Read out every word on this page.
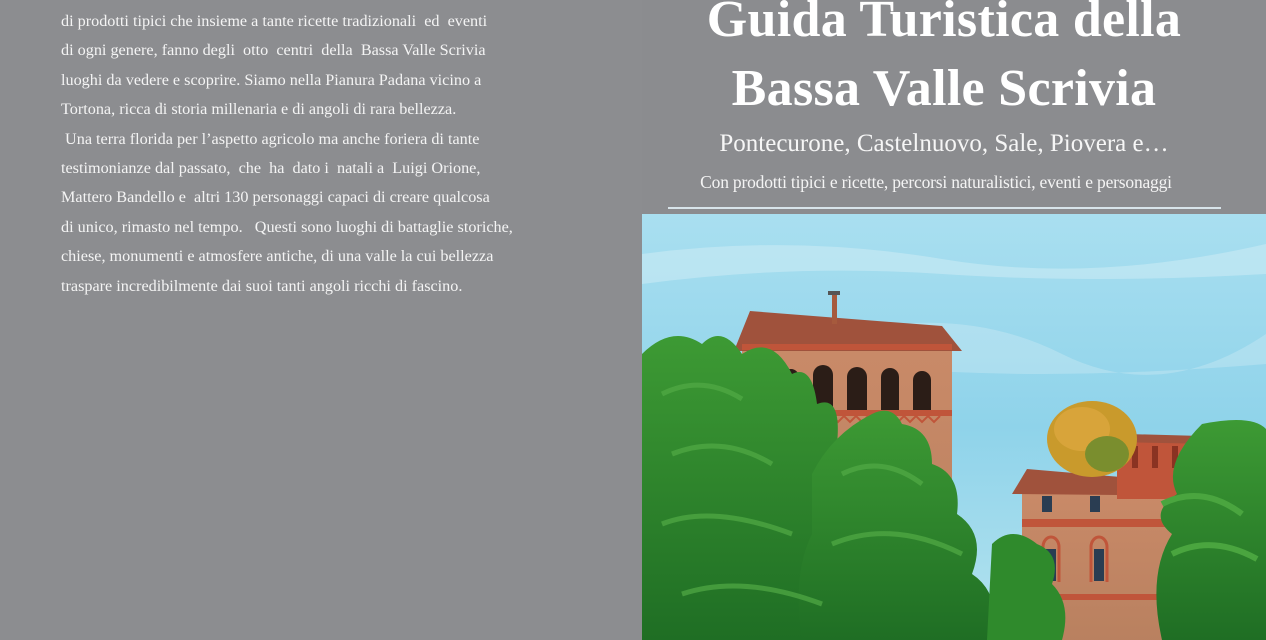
di prodotti tipici che insieme a tante ricette tradizionali  ed  eventi
di ogni genere, fanno degli  otto  centri  della  Bassa Valle Scrivia
luoghi da vedere e scoprire. Siamo nella Pianura Padana vicino a
Tortona, ricca di storia millenaria e di angoli di rara bellezza.
Una terra florida per l’aspetto agricolo ma anche foriera di tante
testimonianze dal passato,  che  ha  dato i  natali a  Luigi Orione,
Mattero Bandello e  altri 130 personaggi capaci di creare qualcosa
di unico, rimasto nel tempo.   Questi sono luoghi di battaglie storiche,
chiese, monumenti e atmosfere antiche, di una valle la cui bellezza
traspare incredibilmente dai suoi tanti angoli ricchi di fascino.

Guida Turistica della
Bassa Valle Scrivia

Pontecurone, Castelnuovo, Sale, Piovera e…

Con prodotti tipici e ricette, percorsi naturalistici, eventi e personaggi
